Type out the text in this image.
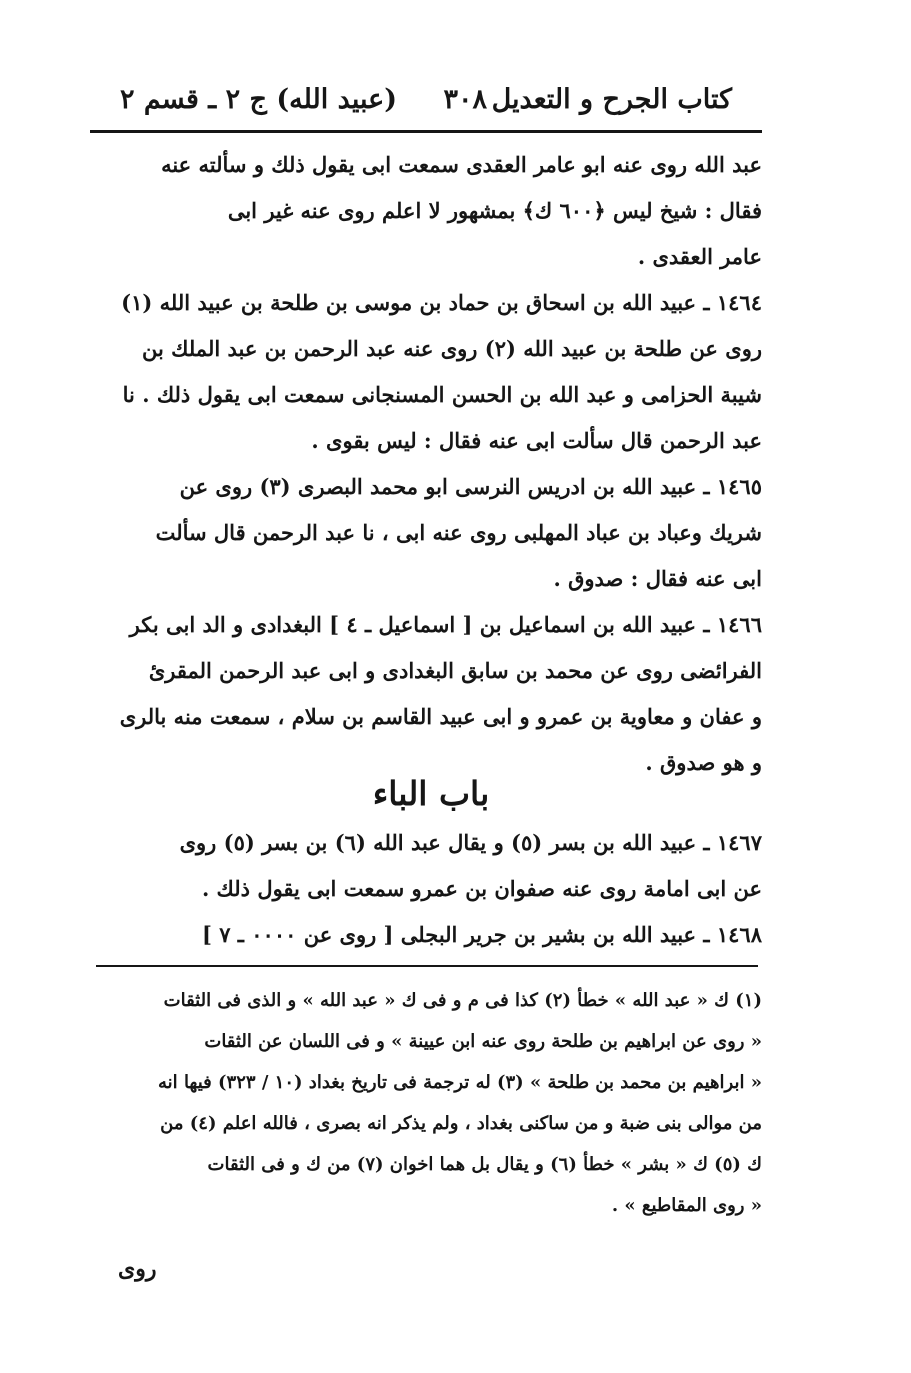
كتاب الجرح و التعديل
٣٠٨
(عبيد الله) ج ٢ ـ قسم ٢
عبد الله روى عنه ابو عامر العقدى سمعت ابى يقول ذلك و سألته عنه
فقال : شيخ ليس ﴿٦٠٠ ك﴾ بمشهور لا اعلم روى عنه غير ابى
عامر العقدى .
١٤٦٤ ـ عبيد الله بن اسحاق بن حماد بن موسى بن طلحة بن عبيد الله (١)
روى عن طلحة بن عبيد الله (٢) روى عنه عبد الرحمن بن عبد الملك بن
شيبة الحزامى و عبد الله بن الحسن المسنجانى سمعت ابى يقول ذلك . نا
عبد الرحمن قال سألت ابى عنه فقال : ليس بقوى .
١٤٦٥ ـ عبيد الله بن ادريس النرسى ابو محمد البصرى (٣) روى عن
شريك وعباد بن عباد المهلبى روى عنه ابى ، نا عبد الرحمن قال سألت
ابى عنه فقال : صدوق .
١٤٦٦ ـ عبيد الله بن اسماعيل بن [ اسماعيل ـ ٤ ] البغدادى و الد ابى بكر
الفرائضى روى عن محمد بن سابق البغدادى و ابى عبد الرحمن المقرئ
و عفان و معاوية بن عمرو و ابى عبيد القاسم بن سلام ، سمعت منه بالرى
و هو صدوق .
باب الباء
١٤٦٧ ـ عبيد الله بن بسر (٥) و يقال عبد الله (٦) بن بسر (٥) روى
عن ابى امامة روى عنه صفوان بن عمرو سمعت ابى يقول ذلك .
١٤٦٨ ـ عبيد الله بن بشير بن جرير البجلى [ روى عن ٠٠٠٠ ـ ٧ ]
(١) ك « عبد الله » خطأ (٢) كذا فى م و فى ك « عبد الله » و الذى فى الثقات
« روى عن ابراهيم بن طلحة روى عنه ابن عيينة » و فى اللسان عن الثقات
« ابراهيم بن محمد بن طلحة » (٣) له ترجمة فى تاريخ بغداد (١٠ / ٣٢٣) فيها انه
من موالى بنى ضبة و من ساكنى بغداد ، ولم يذكر انه بصرى ، فالله اعلم (٤) من
ك (٥) ك « بشر » خطأ (٦) و يقال بل هما اخوان (٧) من ك و فى الثقات
« روى المقاطيع » .
روى
